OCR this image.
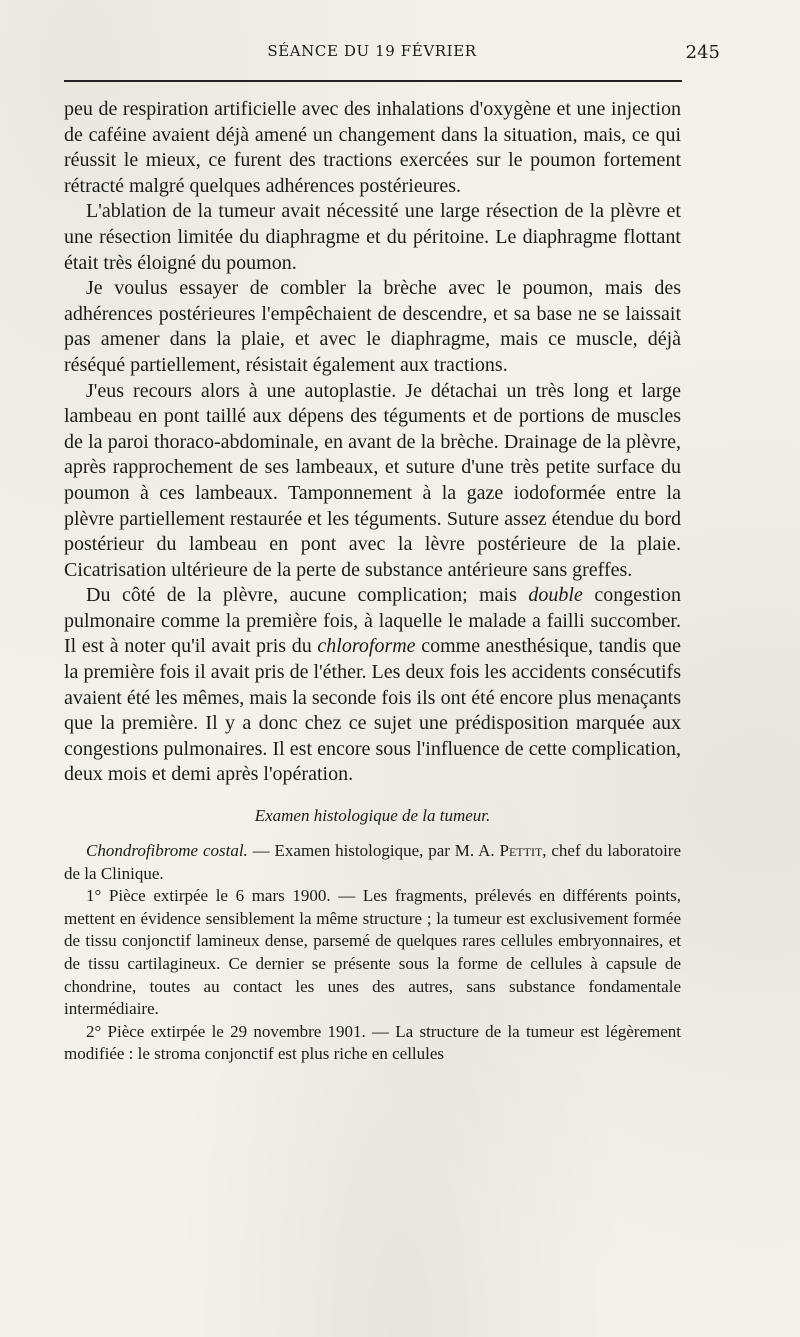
SÉANCE DU 19 FÉVRIER	245

peu de respiration artificielle avec des inhalations d'oxygène et une injection de caféine avaient déjà amené un changement dans la situation, mais, ce qui réussit le mieux, ce furent des tractions exercées sur le poumon fortement rétracté malgré quelques adhérences postérieures.

L'ablation de la tumeur avait nécessité une large résection de la plèvre et une résection limitée du diaphragme et du péritoine. Le diaphragme flottant était très éloigné du poumon.

Je voulus essayer de combler la brèche avec le poumon, mais des adhérences postérieures l'empêchaient de descendre, et sa base ne se laissait pas amener dans la plaie, et avec le diaphragme, mais ce muscle, déjà réséqué partiellement, résistait également aux tractions.

J'eus recours alors à une autoplastie. Je détachai un très long et large lambeau en pont taillé aux dépens des téguments et de portions de muscles de la paroi thoraco-abdominale, en avant de la brèche. Drainage de la plèvre, après rapprochement de ses lambeaux, et suture d'une très petite surface du poumon à ces lambeaux. Tamponnement à la gaze iodoformée entre la plèvre partiellement restaurée et les téguments. Suture assez étendue du bord postérieur du lambeau en pont avec la lèvre postérieure de la plaie. Cicatrisation ultérieure de la perte de substance antérieure sans greffes.

Du côté de la plèvre, aucune complication; mais double congestion pulmonaire comme la première fois, à laquelle le malade a failli succomber. Il est à noter qu'il avait pris du chloroforme comme anesthésique, tandis que la première fois il avait pris de l'éther. Les deux fois les accidents consécutifs avaient été les mêmes, mais la seconde fois ils ont été encore plus menaçants que la première. Il y a donc chez ce sujet une prédisposition marquée aux congestions pulmonaires. Il est encore sous l'influence de cette complication, deux mois et demi après l'opération.

Examen histologique de la tumeur.

Chondrofibrome costal. — Examen histologique, par M. A. Pettit, chef du laboratoire de la Clinique.

1° Pièce extirpée le 6 mars 1900. — Les fragments, prélevés en différents points, mettent en évidence sensiblement la même structure ; la tumeur est exclusivement formée de tissu conjonctif lamineux dense, parsemé de quelques rares cellules embryonnaires, et de tissu cartilagineux. Ce dernier se présente sous la forme de cellules à capsule de chondrine, toutes au contact les unes des autres, sans substance fondamentale intermédiaire.

2° Pièce extirpée le 29 novembre 1901. — La structure de la tumeur est légèrement modifiée : le stroma conjonctif est plus riche en cellules
